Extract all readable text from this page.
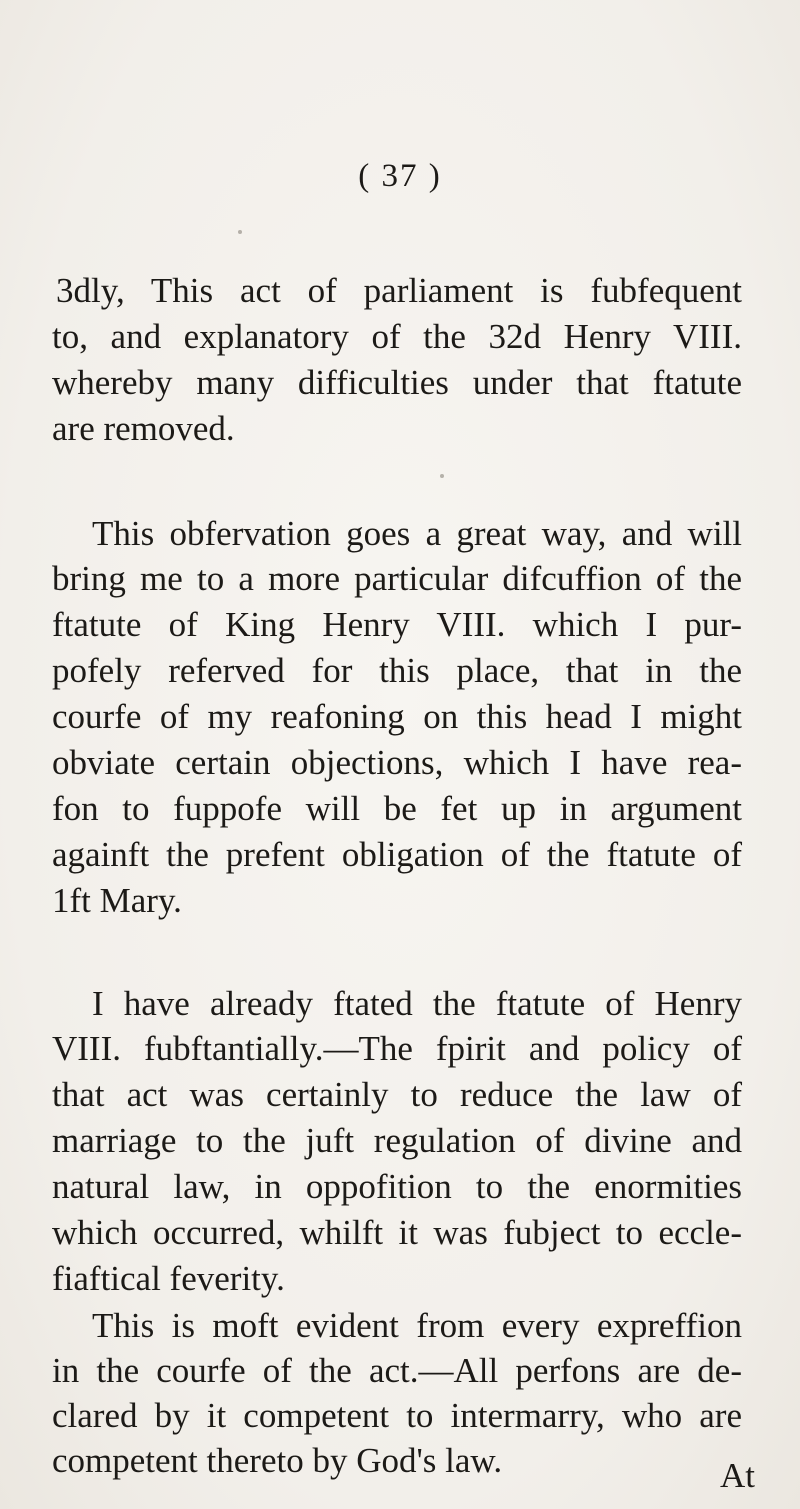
( 37 )
3dly, This act of parliament is fubfequent
to, and explanatory of the 32d Henry VIII.
whereby many difficulties under that ftatute
are removed.
This obfervation goes a great way, and will
bring me to a more particular difcuffion of the
ftatute of King Henry VIII. which I pur-
pofely referved for this place, that in the
courfe of my reafoning on this head I might
obviate certain objections, which I have rea-
fon to fuppofe will be fet up in argument
againft the prefent obligation of the ftatute of
1ft Mary.
I have already ftated the ftatute of Henry
VIII. fubftantially.—The fpirit and policy of
that act was certainly to reduce the law of
marriage to the juft regulation of divine and
natural law, in oppofition to the enormities
which occurred, whilft it was fubject to eccle-
fiaftical feverity.
This is moft evident from every expreffion
in the courfe of the act.—All perfons are de-
clared by it competent to intermarry, who are
competent thereto by God's law.	At
